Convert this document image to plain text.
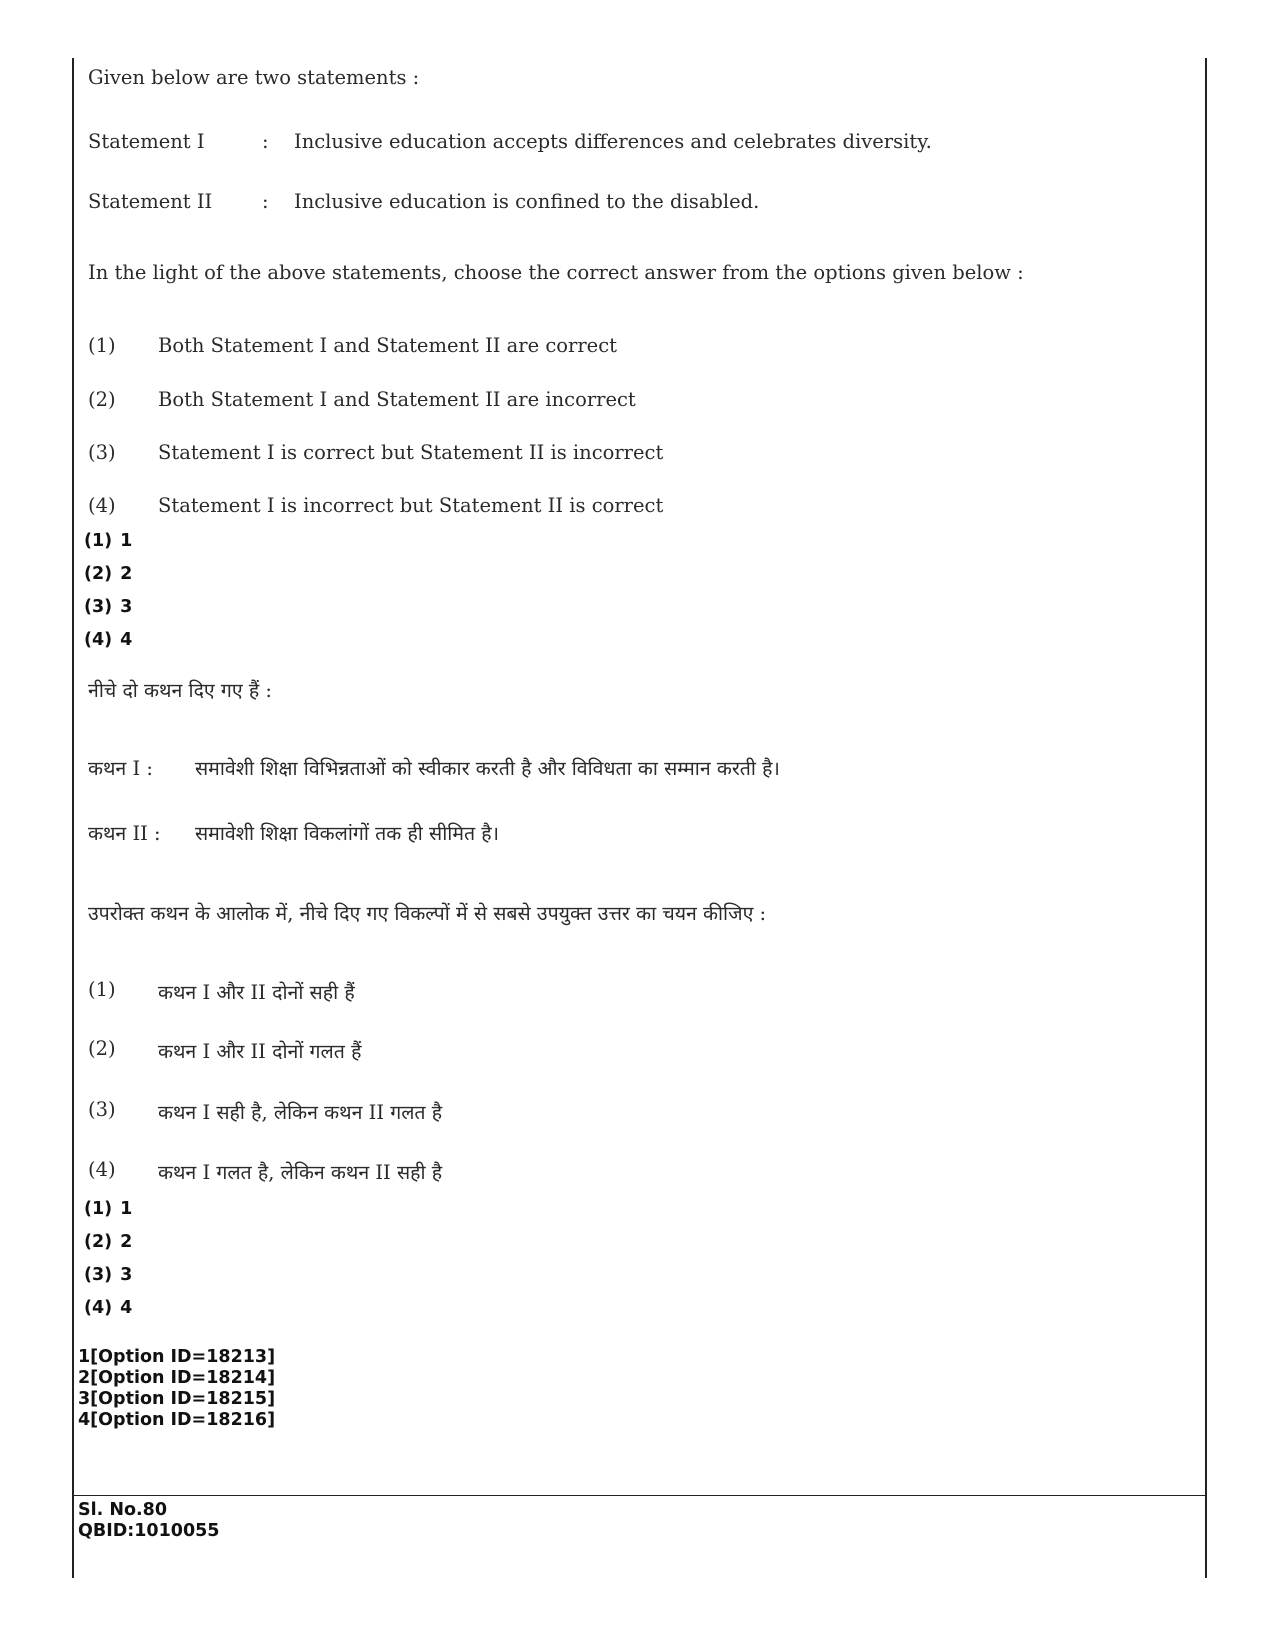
Given below are two statements :
Statement I	: Inclusive education accepts differences and celebrates diversity.
Statement II	: Inclusive education is confined to the disabled.
In the light of the above statements, choose the correct answer from the options given below :
(1) Both Statement I and Statement II are correct
(2) Both Statement I and Statement II are incorrect
(3) Statement I is correct but Statement II is incorrect
(4) Statement I is incorrect but Statement II is correct
(1) 1
(2) 2
(3) 3
(4) 4
नीचे दो कथन दिए गए हैं :
कथन I : समावेशी शिक्षा विभिन्नताओं को स्वीकार करती है और विविधता का सम्मान करती है।
कथन II : समावेशी शिक्षा विकलांगों तक ही सीमित है।
उपरोक्त कथन के आलोक में, नीचे दिए गए विकल्पों में से सबसे उपयुक्त उत्तर का चयन कीजिए :
(1) कथन I और II दोनों सही हैं
(2) कथन I और II दोनों गलत हैं
(3) कथन I सही है, लेकिन कथन II गलत है
(4) कथन I गलत है, लेकिन कथन II सही है
(1) 1
(2) 2
(3) 3
(4) 4
1[Option ID=18213]
2[Option ID=18214]
3[Option ID=18215]
4[Option ID=18216]
Sl. No.80
QBID:1010055
